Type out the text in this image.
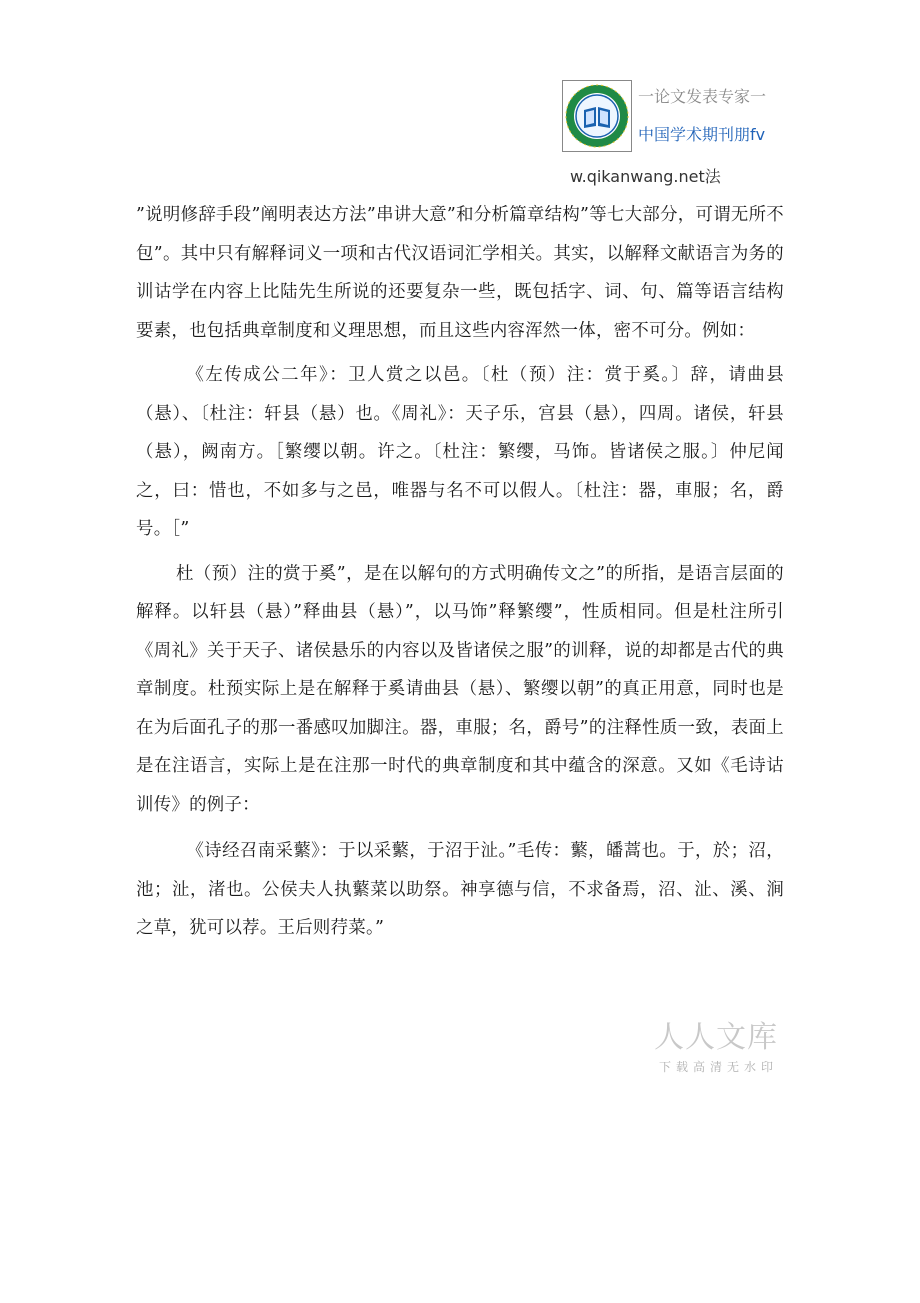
一论文发表专家一
中国学术期刊朋fv
w.qikanwang.net法

”说明修辞手段”阐明表达方法”串讲大意”和分析篇章结构”等七大部分，可谓无所不包”。其中只有解释词义一项和古代汉语词汇学相关。其实，以解释文献语言为务的训诂学在内容上比陆先生所说的还要复杂一些，既包括字、词、句、篇等语言结构要素，也包括典章制度和义理思想，而且这些内容浑然一体，密不可分。例如：

《左传成公二年》：卫人赏之以邑。〔杜（预）注：赏于奚。〕辞，请曲县（悬）、〔杜注：轩县（悬）也。《周礼》：天子乐，宫县（悬），四周。诸侯，轩县（悬），阙南方。［繁缨以朝。许之。〔杜注：繁缨，马饰。皆诸侯之服。〕仲尼闻之，曰：惜也，不如多与之邑，唯器与名不可以假人。〔杜注：器，車服；名，爵号。［”

杜（预）注的赏于奚”，是在以解句的方式明确传文之”的所指，是语言层面的解释。以轩县（悬）”释曲县（悬）”，以马饰”释繁缨”，性质相同。但是杜注所引《周礼》关于天子、诸侯悬乐的内容以及皆诸侯之服”的训释，说的却都是古代的典章制度。杜预实际上是在解释于奚请曲县（悬）、繁缨以朝”的真正用意，同时也是在为后面孔子的那一番感叹加脚注。器，車服；名，爵号”的注释性质一致，表面上是在注语言，实际上是在注那一时代的典章制度和其中蕴含的深意。又如《毛诗诂训传》的例子：

《诗经召南采蘩》：于以采蘩，于沼于沚。”毛传：蘩，皤蒿也。于，於；沼，池；沚，渚也。公侯夫人执蘩菜以助祭。神享德与信，不求备焉，沼、沚、溪、涧之草，犹可以荐。王后则荇菜。”

人人文库
下载高清无水印
